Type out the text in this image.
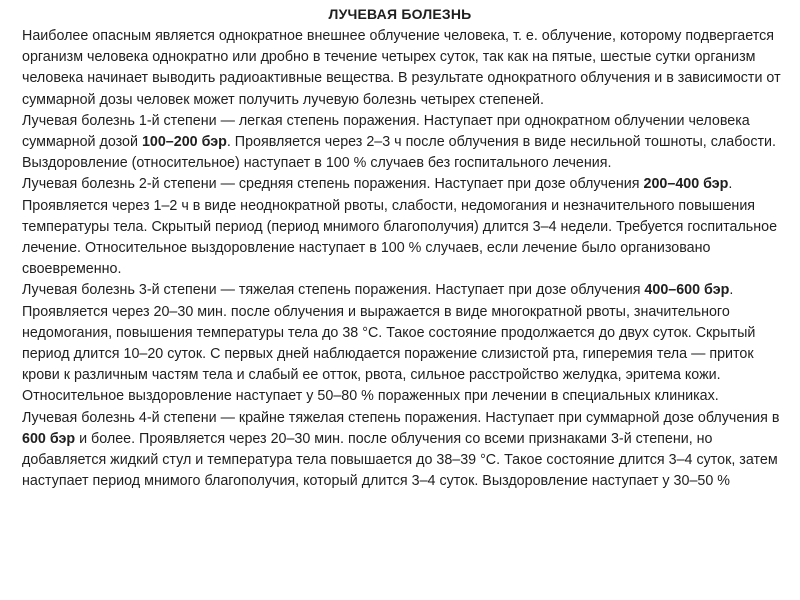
ЛУЧЕВАЯ БОЛЕЗНЬ

Наиболее опасным является однократное внешнее облучение человека, т. е. облучение, которому подвергается организм человека однократно или дробно в течение четырех суток, так как на пятые, шестые сутки организм человека начинает выводить радиоактивные вещества. В результате однократного облучения и в зависимости от суммарной дозы человек может получить лучевую болезнь четырех степеней.

Лучевая болезнь 1-й степени — легкая степень поражения. Наступает при однократном облучении человека суммарной дозой 100–200 бэр. Проявляется через 2–3 ч после облучения в виде несильной тошноты, слабости. Выздоровление (относительное) наступает в 100 % случаев без госпитального лечения.

Лучевая болезнь 2-й степени — средняя степень поражения. Наступает при дозе облучения 200–400 бэр. Проявляется через 1–2 ч в виде неоднократной рвоты, слабости, недомогания и незначительного повышения температуры тела. Скрытый период (период мнимого благополучия) длится 3–4 недели. Требуется госпитальное лечение. Относительное выздоровление наступает в 100 % случаев, если лечение было организовано своевременно.

Лучевая болезнь 3-й степени — тяжелая степень поражения. Наступает при дозе облучения 400–600 бэр. Проявляется через 20–30 мин. после облучения и выражается в виде многократной рвоты, значительного недомогания, повышения температуры тела до 38 °С. Такое состояние продолжается до двух суток. Скрытый период длится 10–20 суток. С первых дней наблюдается поражение слизистой рта, гиперемия тела — приток крови к различным частям тела и слабый ее отток, рвота, сильное расстройство желудка, эритема кожи. Относительное выздоровление наступает у 50–80 % пораженных при лечении в специальных клиниках.

Лучевая болезнь 4-й степени — крайне тяжелая степень поражения. Наступает при суммарной дозе облучения в 600 бэр и более. Проявляется через 20–30 мин. после облучения со всеми признаками 3-й степени, но добавляется жидкий стул и температура тела повышается до 38–39 °С. Такое состояние длится 3–4 суток, затем наступает период мнимого благополучия, который длится 3–4 суток. Выздоровление наступает у 30–50 %
